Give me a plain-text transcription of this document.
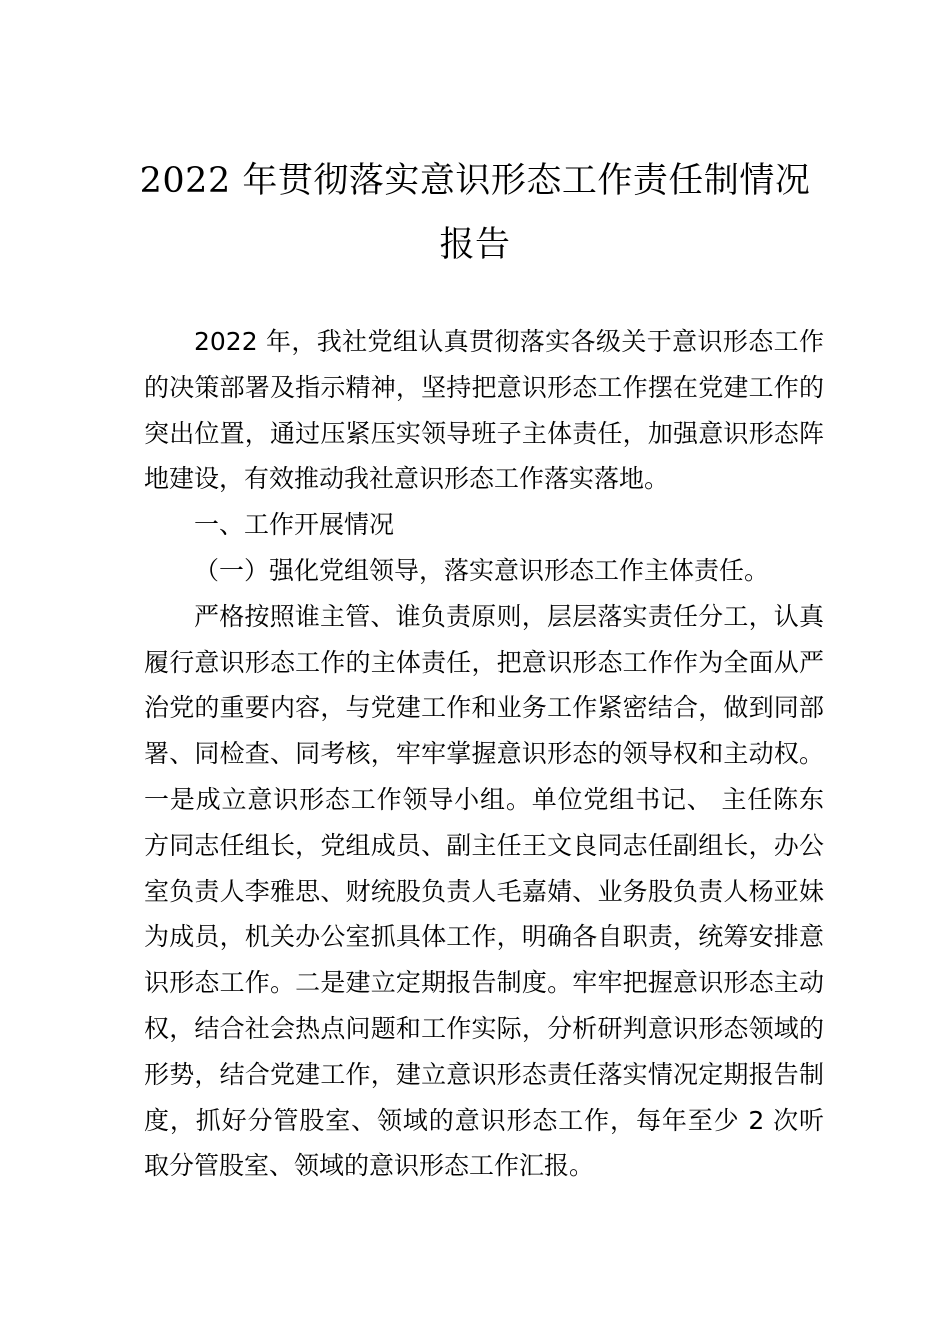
2022 年贯彻落实意识形态工作责任制情况
报告

2022 年，我社党组认真贯彻落实各级关于意识形态工作的决策部署及指示精神，坚持把意识形态工作摆在党建工作的突出位置，通过压紧压实领导班子主体责任，加强意识形态阵地建设，有效推动我社意识形态工作落实落地。

一、工作开展情况

（一）强化党组领导，落实意识形态工作主体责任。

严格按照谁主管、谁负责原则，层层落实责任分工，认真履行意识形态工作的主体责任，把意识形态工作作为全面从严治党的重要内容，与党建工作和业务工作紧密结合，做到同部署、同检查、同考核，牢牢掌握意识形态的领导权和主动权。一是成立意识形态工作领导小组。单位党组书记、 主任陈东方同志任组长，党组成员、副主任王文良同志任副组长，办公室负责人李雅思、财统股负责人毛嘉婧、业务股负责人杨亚妹为成员，机关办公室抓具体工作，明确各自职责，统筹安排意识形态工作。二是建立定期报告制度。牢牢把握意识形态主动权，结合社会热点问题和工作实际，分析研判意识形态领域的形势，结合党建工作，建立意识形态责任落实情况定期报告制度，抓好分管股室、领域的意识形态工作，每年至少 2 次听取分管股室、领域的意识形态工作汇报。
